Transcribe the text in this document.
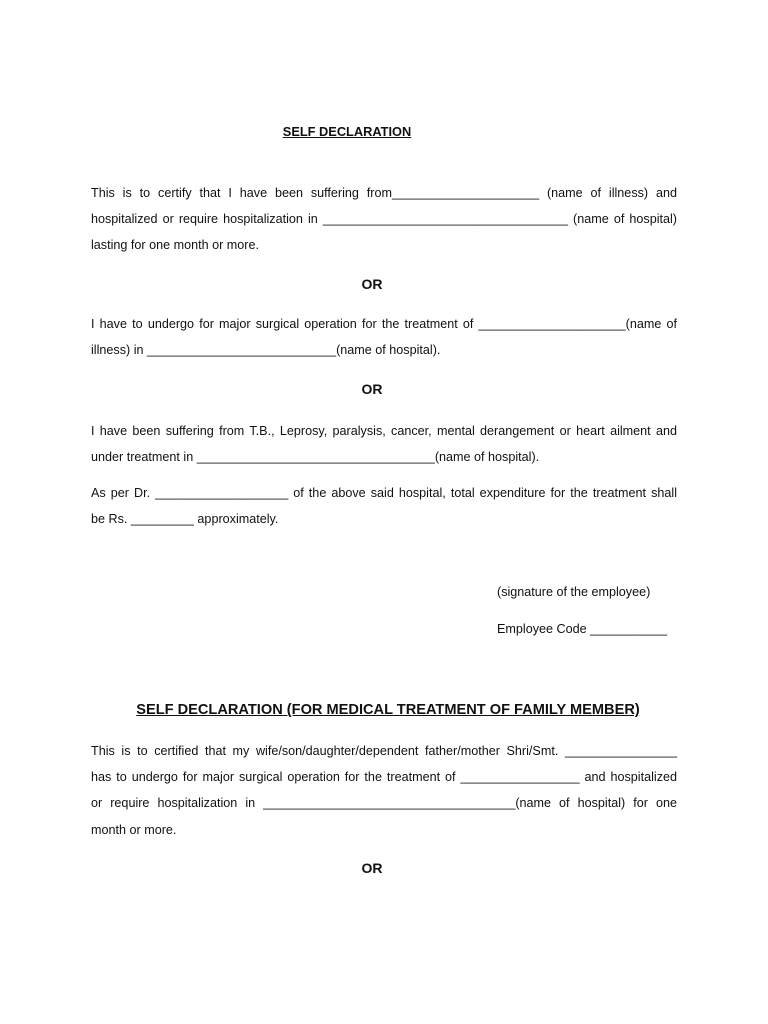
SELF DECLARATION
This is to certify that I have been suffering from_____________________ (name of illness) and
hospitalized or require hospitalization in ___________________________________ (name of hospital)
lasting for one month or more.
OR
I have to undergo for major surgical operation for the treatment of _____________________(name of
illness) in ___________________________(name of hospital).
OR
I have been suffering from T.B., Leprosy, paralysis, cancer, mental derangement or heart ailment and
under treatment in __________________________________(name of hospital).
As per Dr. ___________________ of the above said hospital, total expenditure for the treatment shall
be Rs. _________ approximately.
(signature of the employee)
Employee Code ___________
SELF DECLARATION (FOR MEDICAL TREATMENT OF FAMILY MEMBER)
This is to certified that my wife/son/daughter/dependent father/mother Shri/Smt. ________________
has to undergo for major surgical operation for the treatment of _________________ and hospitalized
or require hospitalization in ____________________________________(name of hospital) for one
month or more.
OR
